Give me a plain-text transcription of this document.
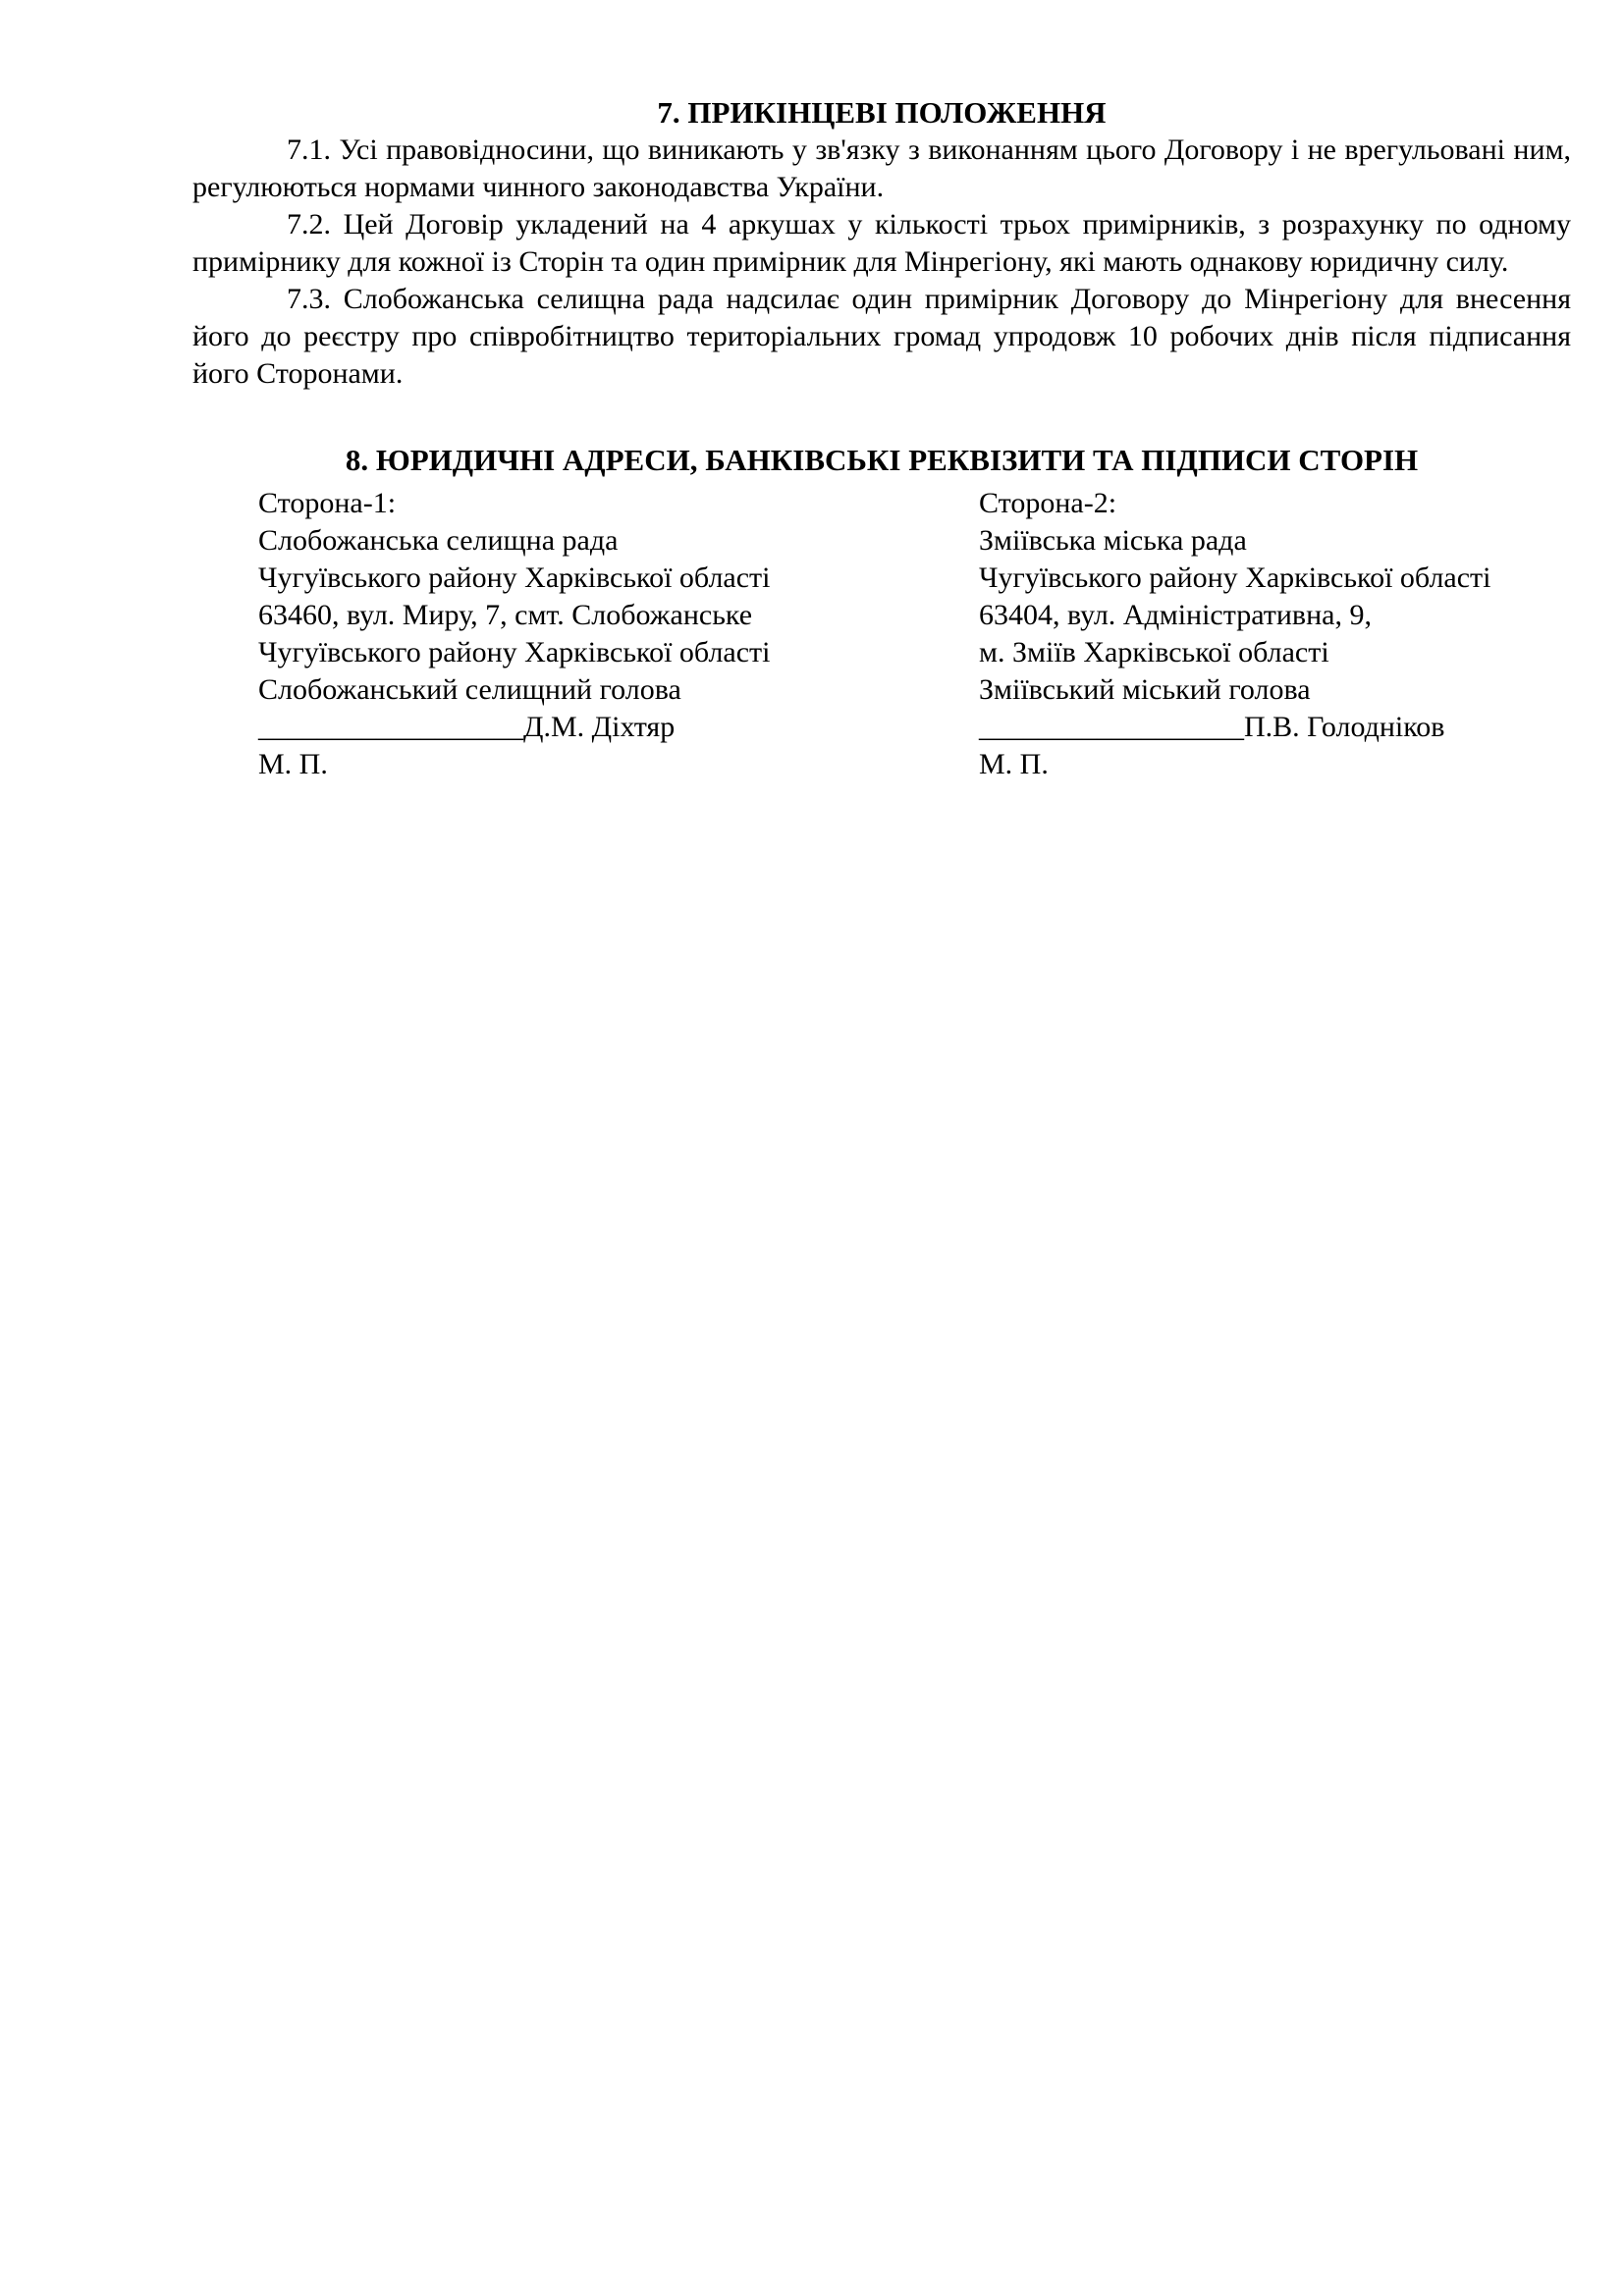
7. ПРИКІНЦЕВІ ПОЛОЖЕННЯ

7.1. Усі правовідносини, що виникають у зв'язку з виконанням цього Договору і не врегульовані ним, регулюються нормами чинного законодавства України.

7.2. Цей Договір укладений на 4 аркушах у кількості трьох примірників, з розрахунку по одному примірнику для кожної із Сторін та один примірник для Мінрегіону, які мають однакову юридичну силу.

7.3. Слобожанська селищна рада надсилає один примірник Договору до Мінрегіону для внесення його до реєстру про співробітництво територіальних громад упродовж 10 робочих днів після підписання його Сторонами.

8. ЮРИДИЧНІ АДРЕСИ, БАНКІВСЬКІ РЕКВІЗИТИ ТА ПІДПИСИ СТОРІН
Сторона-1:
Слобожанська селищна рада
Чугуївського району Харківської області
63460, вул. Миру, 7, смт. Слобожанське
Чугуївського району Харківської області
Слобожанський селищний голова
__________________Д.М. Діхтяр
М. П.
Сторона-2:
Зміївська міська рада
Чугуївського району Харківської області
63404, вул. Адміністративна, 9,
м. Зміїв Харківської області
Зміївський міський голова
__________________П.В. Голодніков
М. П.
